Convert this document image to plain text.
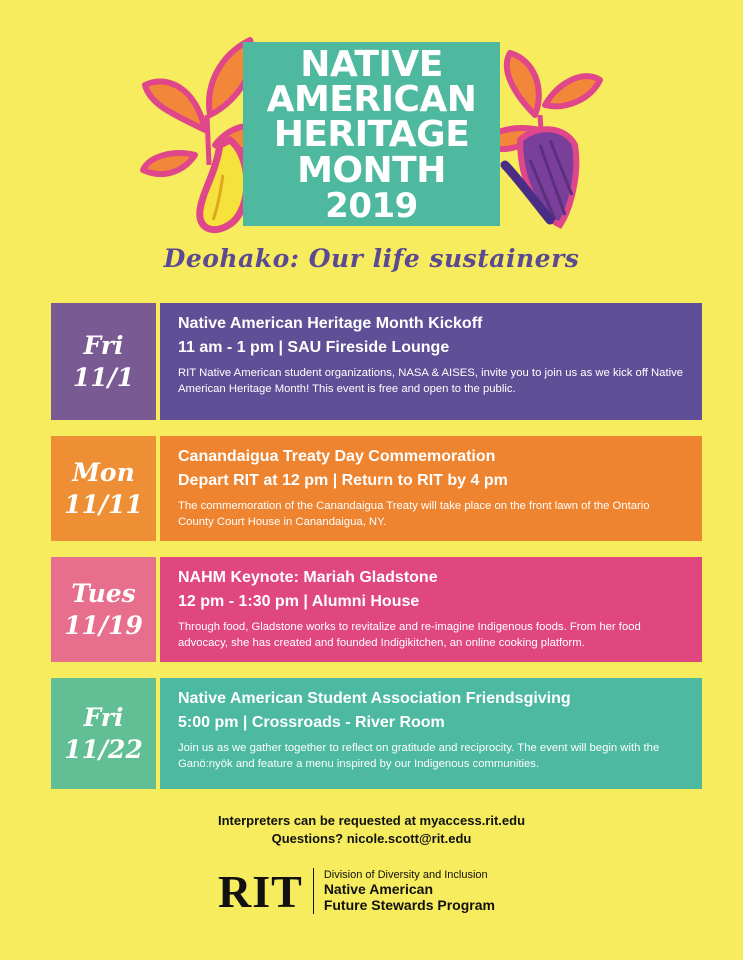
NATIVE
AMERICAN
HERITAGE
MONTH
2019
Deohako: Our life sustainers
Fri
11/1
Native American Heritage Month Kickoff
11 am - 1 pm | SAU Fireside Lounge
RIT Native American student organizations, NASA & AISES, invite you to join us as we kick off Native American Heritage Month! This event is free and open to the public.
Mon
11/11
Canandaigua Treaty Day Commemoration
Depart RIT at 12 pm | Return to RIT by 4 pm
The commemoration of the Canandaigua Treaty will take place on the front lawn of the Ontario County Court House in Canandaigua, NY.
Tues
11/19
NAHM Keynote: Mariah Gladstone
12 pm - 1:30 pm | Alumni House
Through food, Gladstone works to revitalize and re-imagine Indigenous foods. From her food advocacy, she has created and founded Indigikitchen, an online cooking platform.
Fri
11/22
Native American Student Association Friendsgiving
5:00 pm | Crossroads - River Room
Join us as we gather together to reflect on gratitude and reciprocity. The event will begin with the Ganö:nyök and feature a menu inspired by our Indigenous communities.
Interpreters can be requested at myaccess.rit.edu
Questions? nicole.scott@rit.edu
RIT Division of Diversity and Inclusion
Native American
Future Stewards Program
